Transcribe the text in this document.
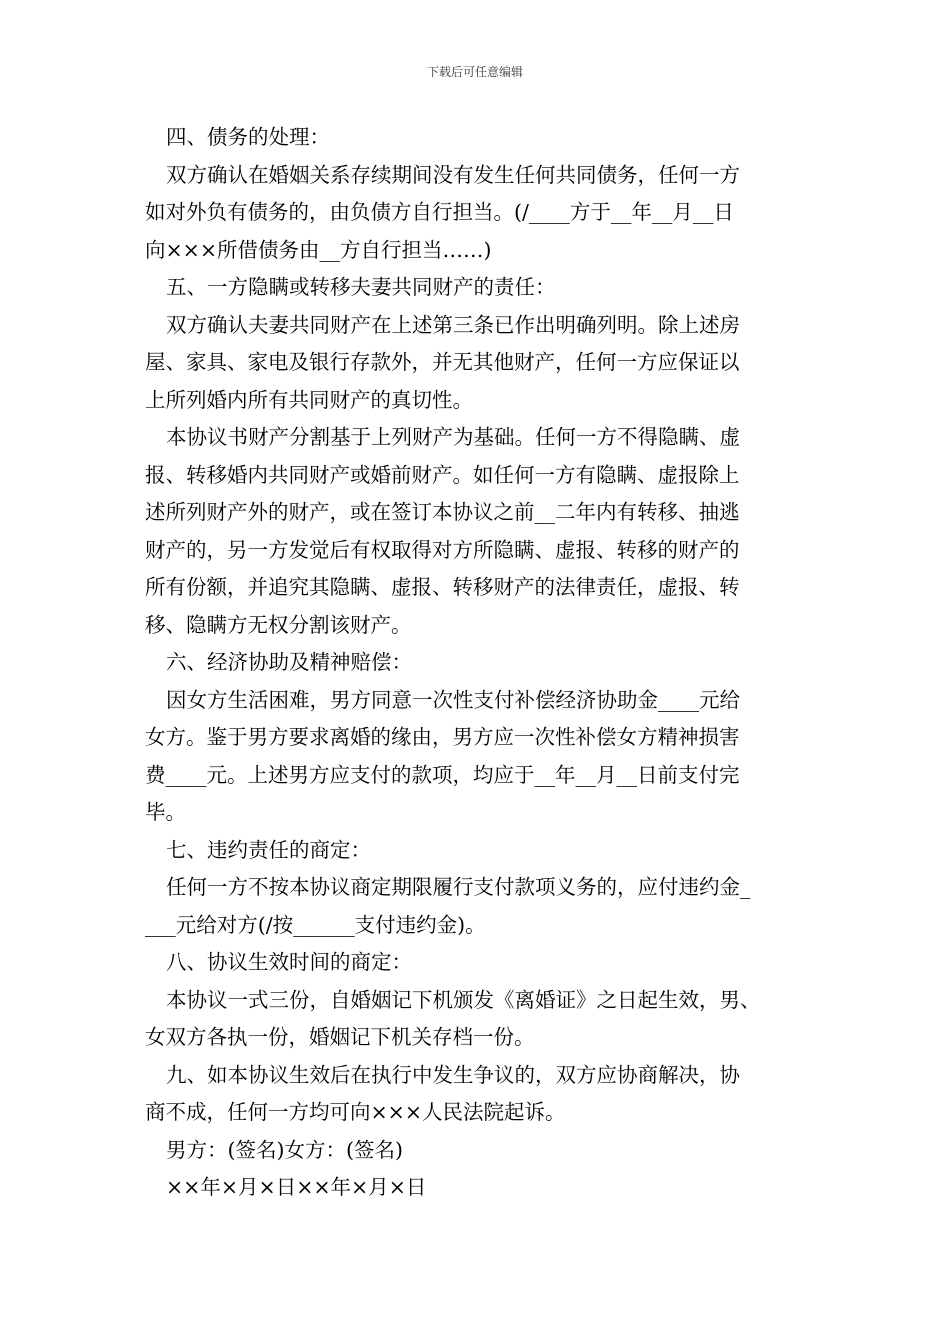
下载后可任意编辑
四、债务的处理：
双方确认在婚姻关系存续期间没有发生任何共同债务，任何一方
如对外负有债务的，由负债方自行担当。(/____方于__年__月__日
向×××所借债务由__方自行担当……)
五、一方隐瞒或转移夫妻共同财产的责任：
双方确认夫妻共同财产在上述第三条已作出明确列明。除上述房
屋、家具、家电及银行存款外，并无其他财产，任何一方应保证以
上所列婚内所有共同财产的真切性。
本协议书财产分割基于上列财产为基础。任何一方不得隐瞒、虚
报、转移婚内共同财产或婚前财产。如任何一方有隐瞒、虚报除上
述所列财产外的财产，或在签订本协议之前__二年内有转移、抽逃
财产的，另一方发觉后有权取得对方所隐瞒、虚报、转移的财产的
所有份额，并追究其隐瞒、虚报、转移财产的法律责任，虚报、转
移、隐瞒方无权分割该财产。
六、经济协助及精神赔偿：
因女方生活困难，男方同意一次性支付补偿经济协助金____元给
女方。鉴于男方要求离婚的缘由，男方应一次性补偿女方精神损害
费____元。上述男方应支付的款项，均应于__年__月__日前支付完
毕。
七、违约责任的商定：
任何一方不按本协议商定期限履行支付款项义务的，应付违约金_
___元给对方(/按______支付违约金)。
八、协议生效时间的商定：
本协议一式三份，自婚姻记下机颁发《离婚证》之日起生效，男、
女双方各执一份，婚姻记下机关存档一份。
九、如本协议生效后在执行中发生争议的，双方应协商解决，协
商不成，任何一方均可向×××人民法院起诉。
男方：(签名)女方：(签名)
××年×月×日××年×月×日
